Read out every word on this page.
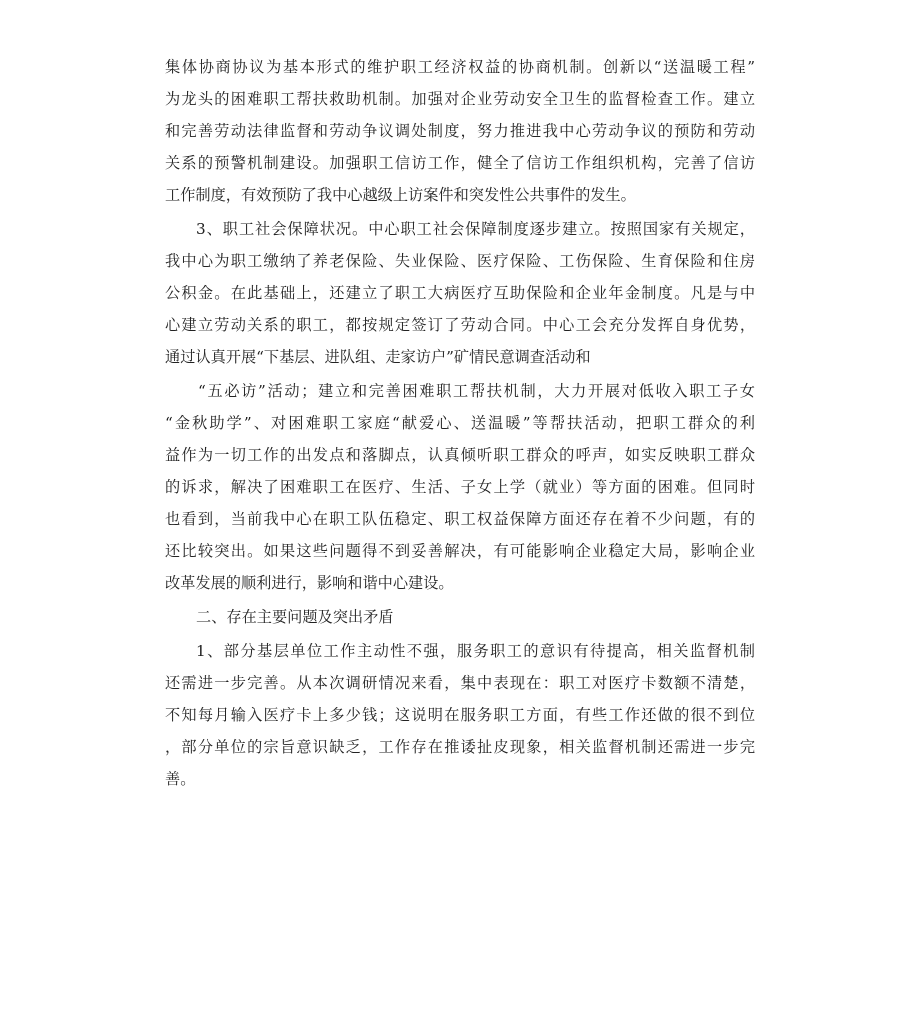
集体协商协议为基本形式的维护职工经济权益的协商机制。创新以“送温暖工程”
为龙头的困难职工帮扶救助机制。加强对企业劳动安全卫生的监督检查工作。建立
和完善劳动法律监督和劳动争议调处制度，努力推进我中心劳动争议的预防和劳动
关系的预警机制建设。加强职工信访工作，健全了信访工作组织机构，完善了信访
工作制度，有效预防了我中心越级上访案件和突发性公共事件的发生。
3、职工社会保障状况。中心职工社会保障制度逐步建立。按照国家有关规定，
我中心为职工缴纳了养老保险、失业保险、医疗保险、工伤保险、生育保险和住房
公积金。在此基础上，还建立了职工大病医疗互助保险和企业年金制度。凡是与中
心建立劳动关系的职工，都按规定签订了劳动合同。中心工会充分发挥自身优势，
通过认真开展“下基层、进队组、走家访户”矿情民意调查活动和
“五必访”活动；建立和完善困难职工帮扶机制，大力开展对低收入职工子女
“金秋助学”、对困难职工家庭“献爱心、送温暖”等帮扶活动，把职工群众的利
益作为一切工作的出发点和落脚点，认真倾听职工群众的呼声，如实反映职工群众
的诉求，解决了困难职工在医疗、生活、子女上学（就业）等方面的困难。但同时
也看到，当前我中心在职工队伍稳定、职工权益保障方面还存在着不少问题，有的
还比较突出。如果这些问题得不到妥善解决，有可能影响企业稳定大局，影响企业
改革发展的顺利进行，影响和谐中心建设。
二、存在主要问题及突出矛盾
1、部分基层单位工作主动性不强，服务职工的意识有待提高，相关监督机制
还需进一步完善。从本次调研情况来看，集中表现在：职工对医疗卡数额不清楚，
不知每月输入医疗卡上多少钱；这说明在服务职工方面，有些工作还做的很不到位
，部分单位的宗旨意识缺乏，工作存在推诿扯皮现象，相关监督机制还需进一步完
善。
